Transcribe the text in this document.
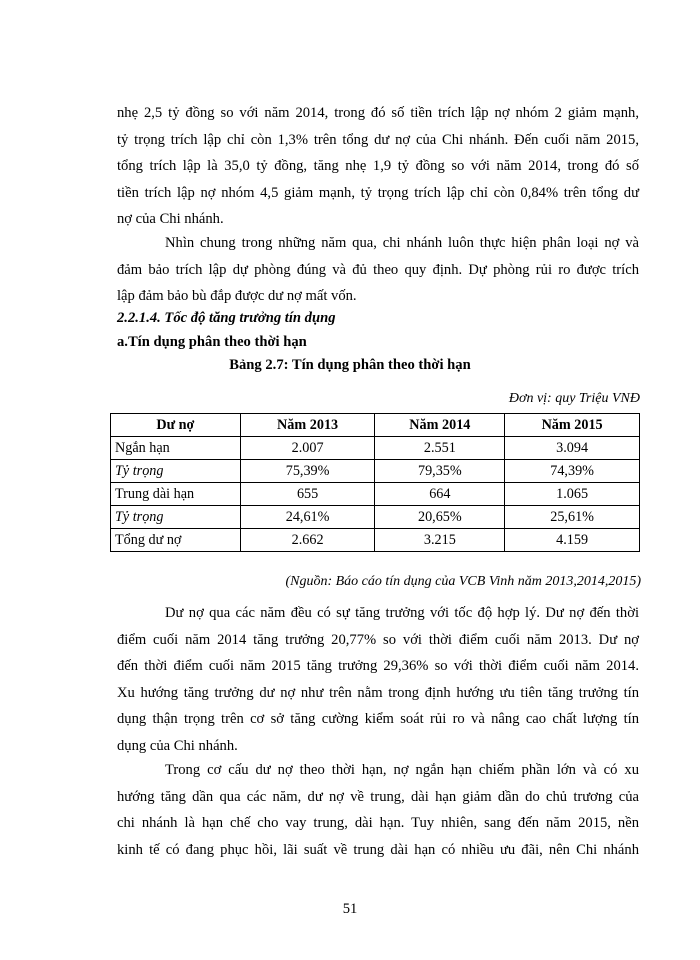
nhẹ 2,5 tỷ đồng so với năm 2014, trong đó số tiền trích lập nợ nhóm 2 giảm mạnh,
tỷ trọng trích lập chỉ còn 1,3% trên tổng dư nợ của Chi nhánh. Đến cuối năm 2015,
tổng trích lập là 35,0 tỷ đồng, tăng nhẹ 1,9 tỷ đồng so với năm 2014, trong đó số
tiền trích lập nợ nhóm 4,5 giảm mạnh, tỷ trọng trích lập chỉ còn 0,84% trên tổng dư
nợ của Chi nhánh.
Nhìn chung trong những năm qua, chi nhánh luôn thực hiện phân loại nợ và
đảm bảo trích lập dự phòng đúng và đủ theo quy định. Dự phòng rủi ro được trích
lập đảm bảo bù đắp được dư nợ mất vốn.

2.2.1.4. Tốc độ tăng trưởng tín dụng

a.Tín dụng phân theo thời hạn

Bảng 2.7: Tín dụng phân theo thời hạn

Đơn vị: quy Triệu VNĐ

Dư nợ	Năm 2013	Năm 2014	Năm 2015
Ngắn hạn	2.007	2.551	3.094
Tỷ trọng	75,39%	79,35%	74,39%
Trung dài hạn	655	664	1.065
Tỷ trọng	24,61%	20,65%	25,61%
Tổng dư nợ	2.662	3.215	4.159

(Nguồn: Báo cáo tín dụng của VCB Vinh năm 2013,2014,2015)

Dư nợ qua các năm đều có sự tăng trưởng với tốc độ hợp lý. Dư nợ đến thời
điểm cuối năm 2014 tăng trưởng 20,77% so với thời điểm cuối năm 2013. Dư nợ
đến thời điểm cuối năm 2015 tăng trưởng 29,36% so với thời điểm cuối năm 2014.
Xu hướng tăng trưởng dư nợ như trên nằm trong định hướng ưu tiên tăng trưởng tín
dụng thận trọng trên cơ sở tăng cường kiểm soát rủi ro và nâng cao chất lượng tín
dụng của Chi nhánh.
Trong cơ cấu dư nợ theo thời hạn, nợ ngắn hạn chiếm phần lớn và có xu
hướng tăng dần qua các năm, dư nợ về trung, dài hạn giảm dần do chủ trương của
chi nhánh là hạn chế cho vay trung, dài hạn. Tuy nhiên, sang đến năm 2015, nền
kinh tế có đang phục hồi, lãi suất về trung dài hạn có nhiều ưu đãi, nên Chi nhánh

51
